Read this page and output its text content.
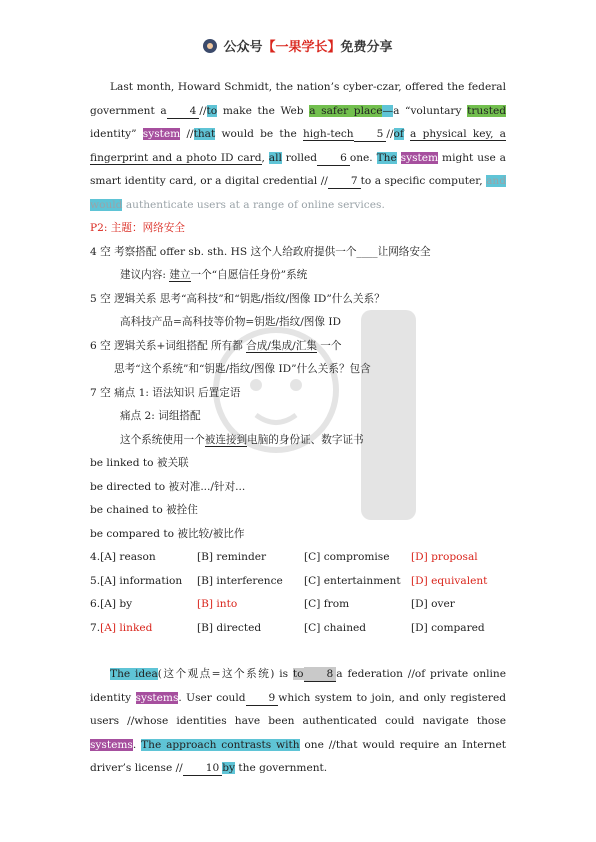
公众号【一果学长】免费分享

Last month, Howard Schmidt, the nation’s cyber-czar, offered the federal government a 4 //to make the Web a safer place—a “voluntary trusted identity” system //that would be the high-tech 5 //of a physical key, a fingerprint and a photo ID card, all rolled 6 one. The system might use a smart identity card, or a digital credential // 7 to a specific computer, and would authenticate users at a range of online services.

P2: 主题：网络安全

4 空 考察搭配 offer sb. sth. HS 这个人给政府提供一个____让网络安全

建议内容: 建立一个“自愿信任身份”系统

5 空 逻辑关系 思考“高科技”和“钥匙/指纹/图像 ID”什么关系？

高科技产品=高科技等价物=钥匙/指纹/图像 ID

6 空 逻辑关系+词组搭配 所有都 合成/集成/汇集 一个

思考“这个系统”和“钥匙/指纹/图像 ID”什么关系？包含

7 空 痛点 1: 语法知识 后置定语

痛点 2: 词组搭配

这个系统使用一个被连接到电脑的身份证、数字证书

be linked to 被关联

be directed to 被对准.../针对...

be chained to 被拴住

be compared to 被比较/被比作

4.[A] reason	[B] reminder	[C] compromise	[D] proposal
5.[A] information	[B] interference	[C] entertainment [D] equivalent
6.[A] by	[B] into	[C] from	[D] over
7.[A] linked	[B] directed	[C] chained	[D] compared

The idea(这个观点=这个系统) is to 8 a federation //of private online identity systems. User could 9 which system to join, and only registered users //whose identities have been authenticated could navigate those systems. The approach contrasts with one //that would require an Internet driver’s license // 10 by the government.
